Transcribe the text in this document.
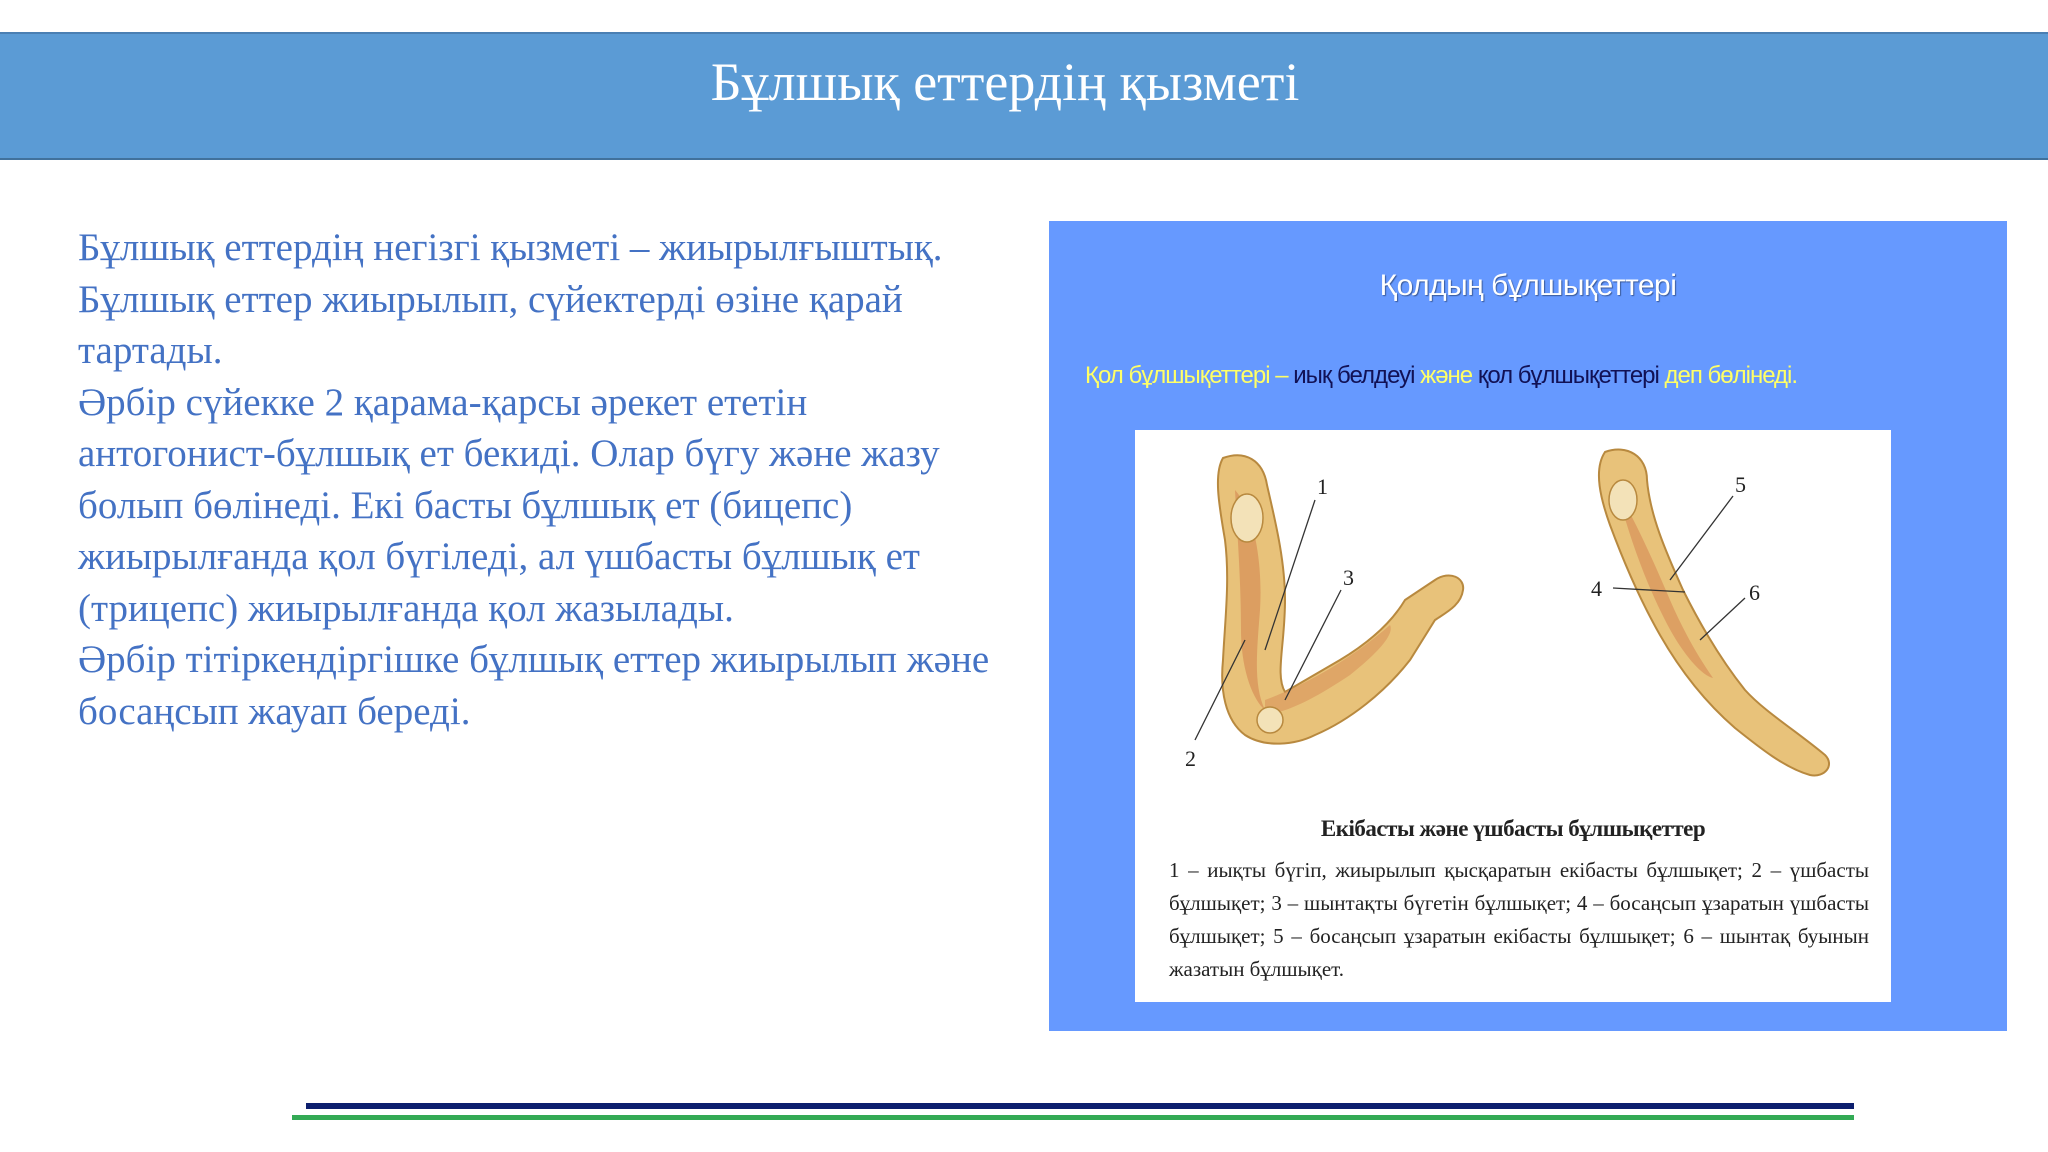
Бұлшық еттердің қызметі

Бұлшық еттердің негізгі қызметі – жиырылғыштық. Бұлшық еттер жиырылып, сүйектерді өзіне қарай тартады.

Әрбір сүйекке 2 қарама-қарсы әрекет ететін антогонист-бұлшық ет бекиді. Олар бүгу және жазу болып бөлінеді. Екі басты бұлшық ет (бицепс) жиырылғанда қол бүгіледі, ал үшбасты бұлшық ет (трицепс) жиырылғанда қол жазылады.

Әрбір тітіркендіргішке бұлшық еттер жиырылып және босаңсып жауап береді.

Қолдың бұлшықеттері
Қол бұлшықеттері – иық белдеуі және қол бұлшықеттері деп бөлінеді.
1
3
2
5
4	6
Екібасты және үшбасты бұлшықеттер
1 – иықты бүгіп, жиырылып қысқаратын екібасты бұлшықет; 2 – үшбасты бұлшықет; 3 – шынтақты бүгетін бұлшықет; 4 – босаңсып ұзаратын үшбасты бұлшықет; 5 – босаңсып ұзаратын екібасты бұлшықет; 6 – шынтақ буынын жазатын бұлшықет.
